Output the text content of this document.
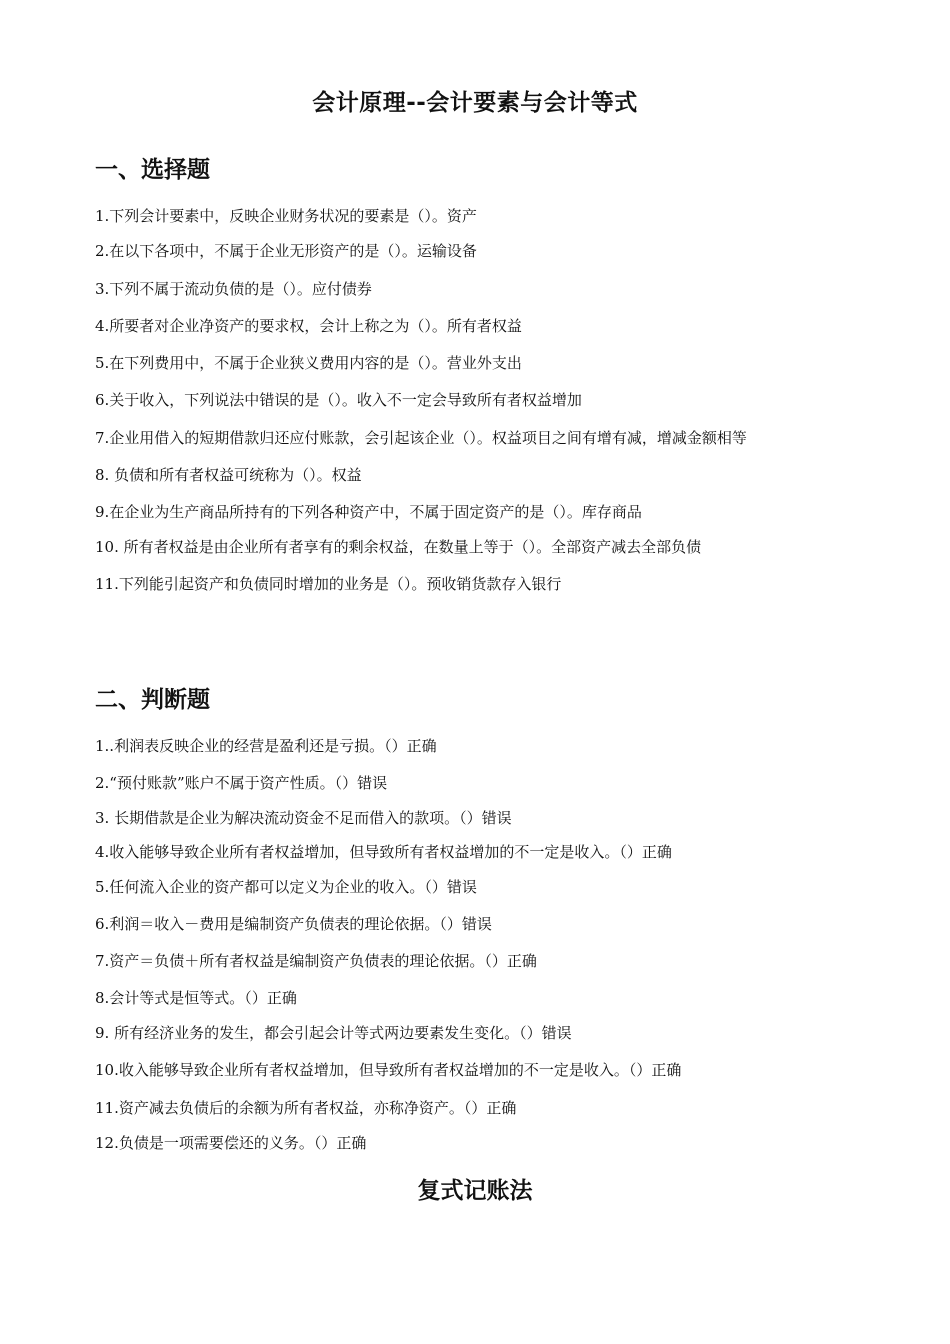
会计原理--会计要素与会计等式
一、选择题
1.下列会计要素中，反映企业财务状况的要素是（）。资产
2.在以下各项中，不属于企业无形资产的是（）。运输设备
3.下列不属于流动负债的是（）。应付债券
4.所要者对企业净资产的要求权，会计上称之为（）。所有者权益
5.在下列费用中，不属于企业狭义费用内容的是（）。营业外支出
6.关于收入，下列说法中错误的是（）。收入不一定会导致所有者权益增加
7.企业用借入的短期借款归还应付账款，会引起该企业（）。权益项目之间有增有减，增减金额相等
8. 负债和所有者权益可统称为（）。权益
9.在企业为生产商品所持有的下列各种资产中，不属于固定资产的是（）。库存商品
10. 所有者权益是由企业所有者享有的剩余权益，在数量上等于（）。全部资产减去全部负债
11.下列能引起资产和负债同时增加的业务是（）。预收销货款存入银行
二、判断题
1..利润表反映企业的经营是盈利还是亏损。（）正确
2.“预付账款”账户不属于资产性质。（）错误
3. 长期借款是企业为解决流动资金不足而借入的款项。（）错误
4.收入能够导致企业所有者权益增加，但导致所有者权益增加的不一定是收入。（）正确
5.任何流入企业的资产都可以定义为企业的收入。（）错误
6.利润＝收入－费用是编制资产负债表的理论依据。（）错误
7.资产＝负债＋所有者权益是编制资产负债表的理论依据。（）正确
8.会计等式是恒等式。（）正确
9. 所有经济业务的发生，都会引起会计等式两边要素发生变化。（）错误
10.收入能够导致企业所有者权益增加，但导致所有者权益增加的不一定是收入。（）正确
11.资产减去负债后的余额为所有者权益，亦称净资产。（）正确
12.负债是一项需要偿还的义务。（）正确
复式记账法
